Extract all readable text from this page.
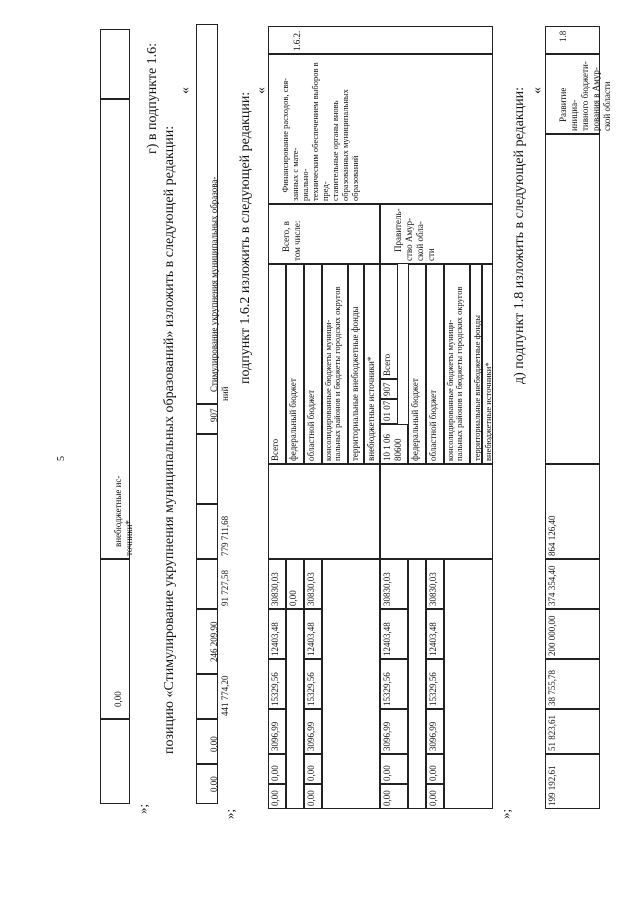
5

внебюджетные ис-
точники*

0,00

»;
г) в подпункте 1.6:
позицию «Стимулирование укрупнения муниципальных образований» изложить в следующей редакции:
«

Стимулирование укрупнения муниципальных образова-
ний

907

779 711,68

91 727,58

246 209,90

441 774,20

0,00

0,00

»;
подпункт 1.6.2 изложить в следующей редакции:
«

1.6.2.

Финансирование расходов, свя-
занных с мате-
риально-
техническим обеспечением выборов в пред-
ставительные органы вновь образованных муниципальных образований

Всего, в том числе:
	Правитель-
ство Амур-
ской обла-
сти

Всего федеральный бюджет областной бюджет консолидированные бюджеты муници-
пальных районов и бюджеты городских округов
территориальные внебюджетные фонды внебюджетные источники* Всего
907
01 07
10 1 06
80600 федеральный бюджет областной бюджет консолидированные бюджеты муници-
пальных районов и бюджеты городских округов
территориальные внебюджетные фонды внебюджетные источники*
30830,03
12403,48
15329,56
3096,99
0,00
0,00
0,00 30830,03
12403,48
15329,56
3096,99
0,00
0,00
30830,03
12403,48
15329,56
3096,99
0,00
0,00
30830,03
12403,48
15329,56
3096,99
0,00
0,00
»;
д) подпункт 1.8 изложить в следующей редакции: «

1.8

Развитие инициа-
тивного бюджети-
рования в Амур-
ской области

864 126,40
374 354,40
200 000,00
38 755,78
51 823,61
199 192,61
